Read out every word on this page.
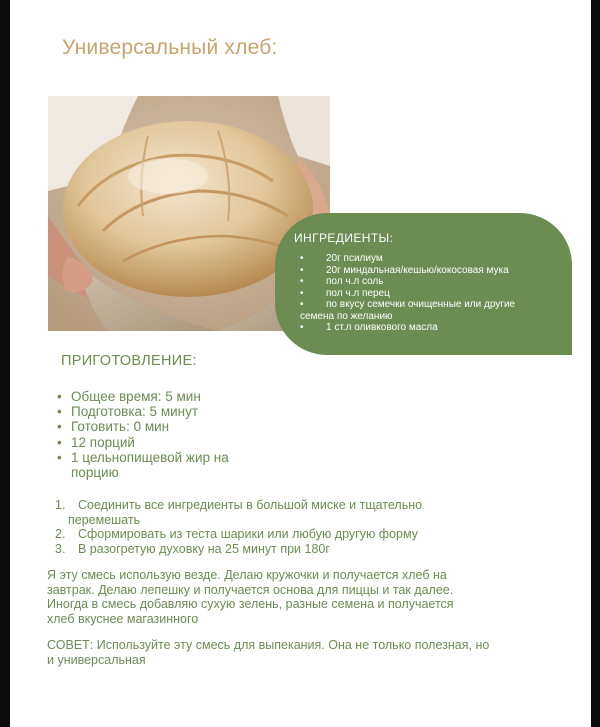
Универсальный хлеб:
ИНГРЕДИЕНТЫ:
•	20г псилиум
•	20г миндальная/кешью/кокосовая мука
•	пол ч.л соль
•	пол ч.л перец
•	по вкусу семечки очищенные или другие
семена по желанию
•	1 ст.л оливкового масла
ПРИГОТОВЛЕНИЕ:
• Общее время: 5 мин
• Подготовка: 5 минут
• Готовить: 0 мин
• 12 порций
• 1 цельнопищевой жир на
порцию
1.	Соединить все ингредиенты в большой миске и тщательно
перемешать
2.	Сформировать из теста шарики или любую другую форму
3.	В разогретую духовку на 25 минут при 180г
Я эту смесь использую везде. Делаю кружочки и получается хлеб на
завтрак. Делаю лепешку и получается основа для пиццы и так далее.
Иногда в смесь добавляю сухую зелень, разные семена и получается
хлеб вкуснее магазинного
СОВЕТ: Используйте эту смесь для выпекания. Она не только полезная, но
и универсальная
